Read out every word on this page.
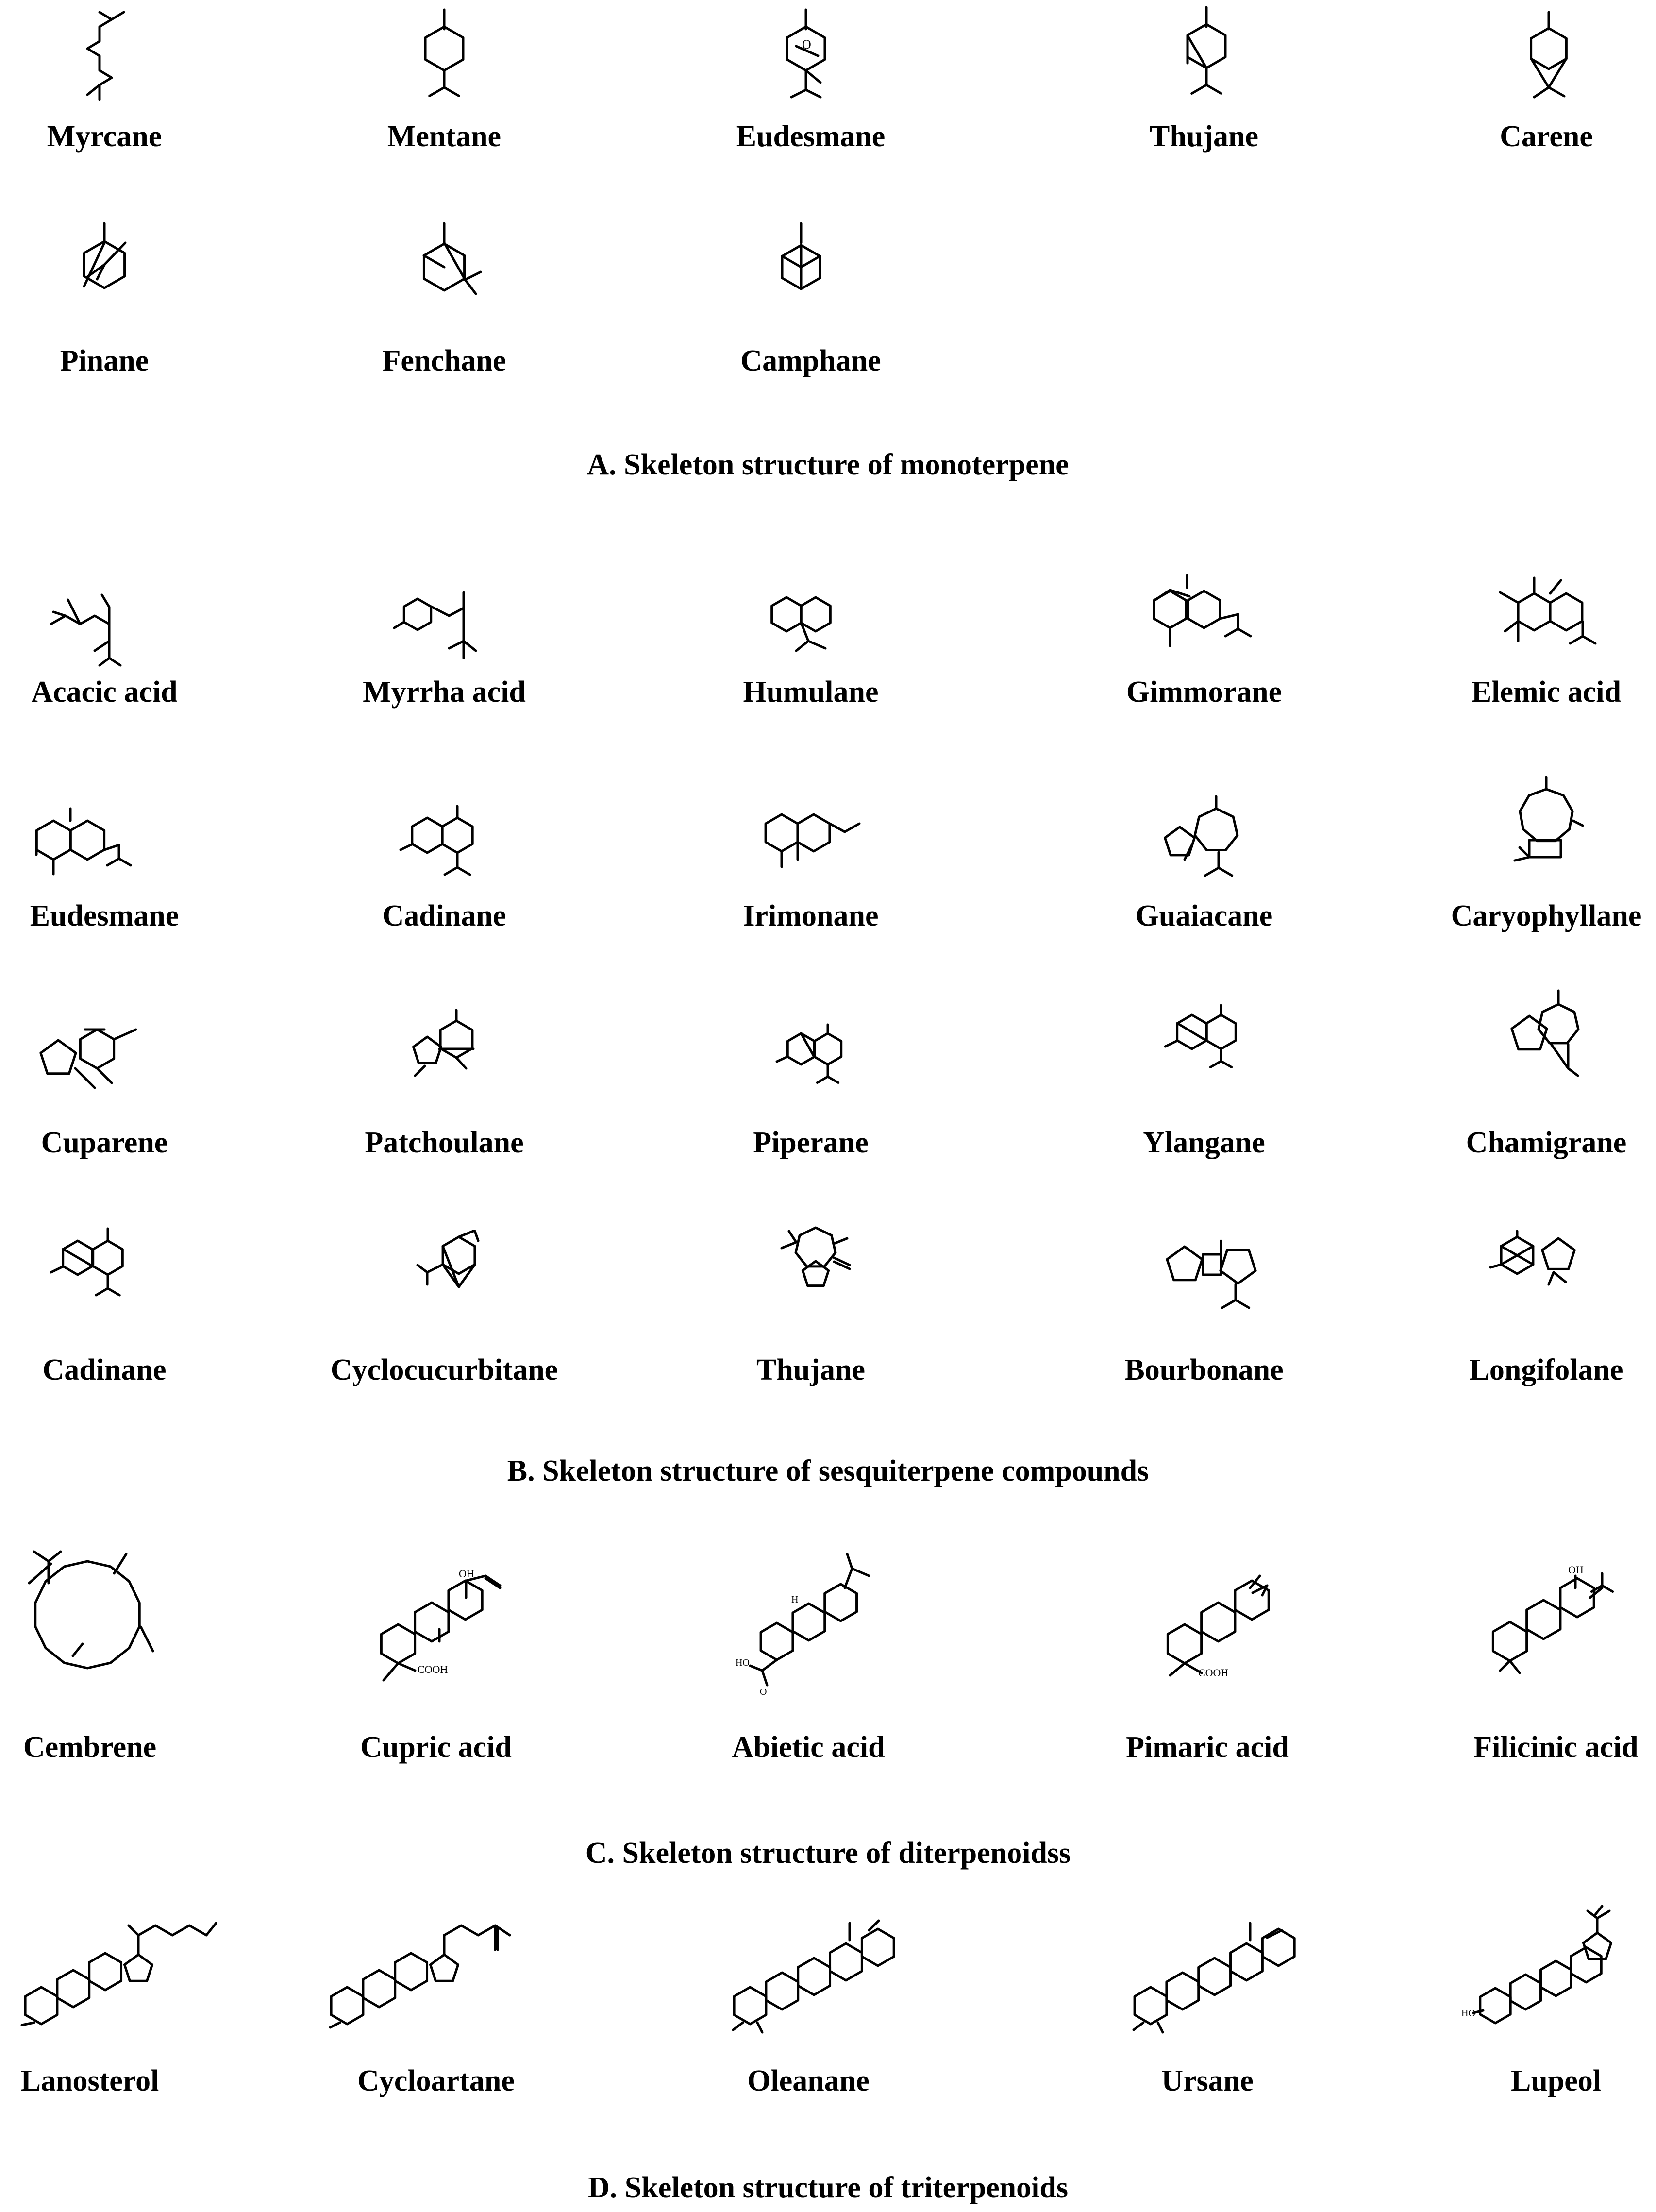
O
OH
COOH
HO
O
H
COOH
OH
HO
Myrcane	Mentane	Eudesmane	Thujane	Carene
Pinane	Fenchane	Camphane
A. Skeleton structure of monoterpene
Acacic acid	Myrrha acid	Humulane	Gimmorane	Elemic acid
Eudesmane	Cadinane	Irimonane	Guaiacane	Caryophyllane
Cuparene	Patchoulane	Piperane	Ylangane	Chamigrane
Cadinane	Cyclocucurbitane	Thujane	Bourbonane	Longifolane
B. Skeleton structure of sesquiterpene compounds
Cembrene	Cupric acid	Abietic acid	Pimaric acid	Filicinic acid
C. Skeleton structure of diterpenoidss
Lanosterol	Cycloartane	Oleanane	Ursane	Lupeol
D. Skeleton structure of triterpenoids
